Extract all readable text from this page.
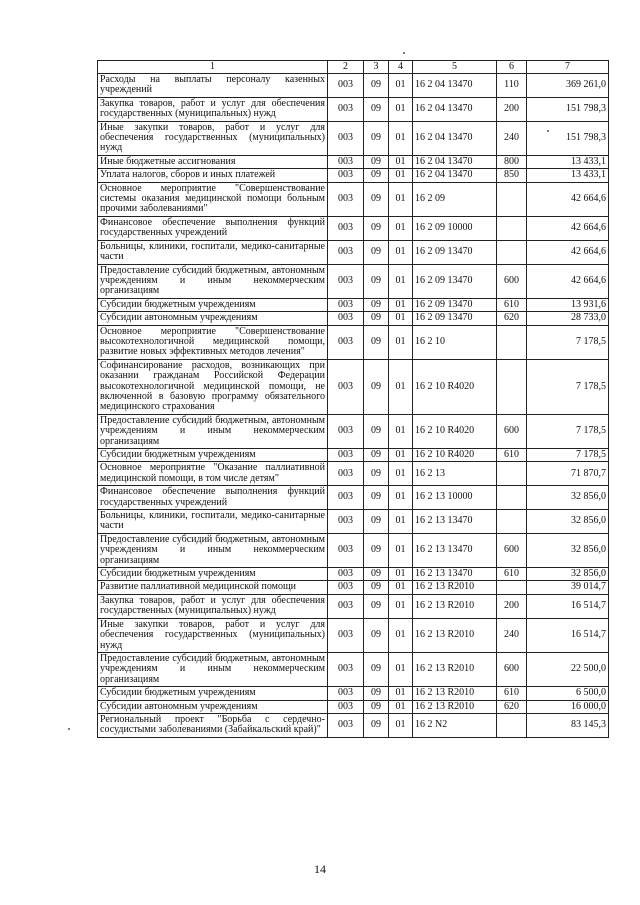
1	2	3	4	5	6	7
Расходы на выплаты персоналу казенных учреждений	003	09	01	16 2 04 13470	110	369 261,0
Закупка товаров, работ и услуг для обеспечения государственных (муниципальных) нужд	003	09	01	16 2 04 13470	200	151 798,3
Иные закупки товаров, работ и услуг для обеспечения государственных (муниципальных) нужд	003	09	01	16 2 04 13470	240	151 798,3
Иные бюджетные ассигнования	003	09	01	16 2 04 13470	800	13 433,1
Уплата налогов, сборов и иных платежей	003	09	01	16 2 04 13470	850	13 433,1
Основное мероприятие "Совершенствование системы оказания медицинской помощи больным прочими заболеваниями"	003	09	01	16 2 09		42 664,6
Финансовое обеспечение выполнения функций государственных учреждений	003	09	01	16 2 09 10000		42 664,6
Больницы, клиники, госпитали, медико-санитарные части	003	09	01	16 2 09 13470		42 664,6
Предоставление субсидий бюджетным, автономным учреждениям и иным некоммерческим организациям	003	09	01	16 2 09 13470	600	42 664,6
Субсидии бюджетным учреждениям	003	09	01	16 2 09 13470	610	13 931,6
Субсидии автономным учреждениям	003	09	01	16 2 09 13470	620	28 733,0
Основное мероприятие "Совершенствование высокотехнологичной медицинской помощи, развитие новых эффективных методов лечения"	003	09	01	16 2 10		7 178,5
Софинансирование расходов, возникающих при оказании гражданам Российской Федерации высокотехнологичной медицинской помощи, не включенной в базовую программу обязательного медицинского страхования	003	09	01	16 2 10 R4020		7 178,5
Предоставление субсидий бюджетным, автономным учреждениям и иным некоммерческим организациям	003	09	01	16 2 10 R4020	600	7 178,5
Субсидии бюджетным учреждениям	003	09	01	16 2 10 R4020	610	7 178,5
Основное мероприятие "Оказание паллиативной медицинской помощи, в том числе детям"	003	09	01	16 2 13		71 870,7
Финансовое обеспечение выполнения функций государственных учреждений	003	09	01	16 2 13 10000		32 856,0
Больницы, клиники, госпитали, медико-санитарные части	003	09	01	16 2 13 13470		32 856,0
Предоставление субсидий бюджетным, автономным учреждениям и иным некоммерческим организациям	003	09	01	16 2 13 13470	600	32 856,0
Субсидии бюджетным учреждениям	003	09	01	16 2 13 13470	610	32 856,0
Развитие паллиативной медицинской помощи	003	09	01	16 2 13 R2010		39 014,7
Закупка товаров, работ и услуг для обеспечения государственных (муниципальных) нужд	003	09	01	16 2 13 R2010	200	16 514,7
Иные закупки товаров, работ и услуг для обеспечения государственных (муниципальных) нужд	003	09	01	16 2 13 R2010	240	16 514,7
Предоставление субсидий бюджетным, автономным учреждениям и иным некоммерческим организациям	003	09	01	16 2 13 R2010	600	22 500,0
Субсидии бюджетным учреждениям	003	09	01	16 2 13 R2010	610	6 500,0
Субсидии автономным учреждениям	003	09	01	16 2 13 R2010	620	16 000,0
Региональный проект "Борьба с сердечно-сосудистыми заболеваниями (Забайкальский край)"	003	09	01	16 2 N2		83 145,3
14
